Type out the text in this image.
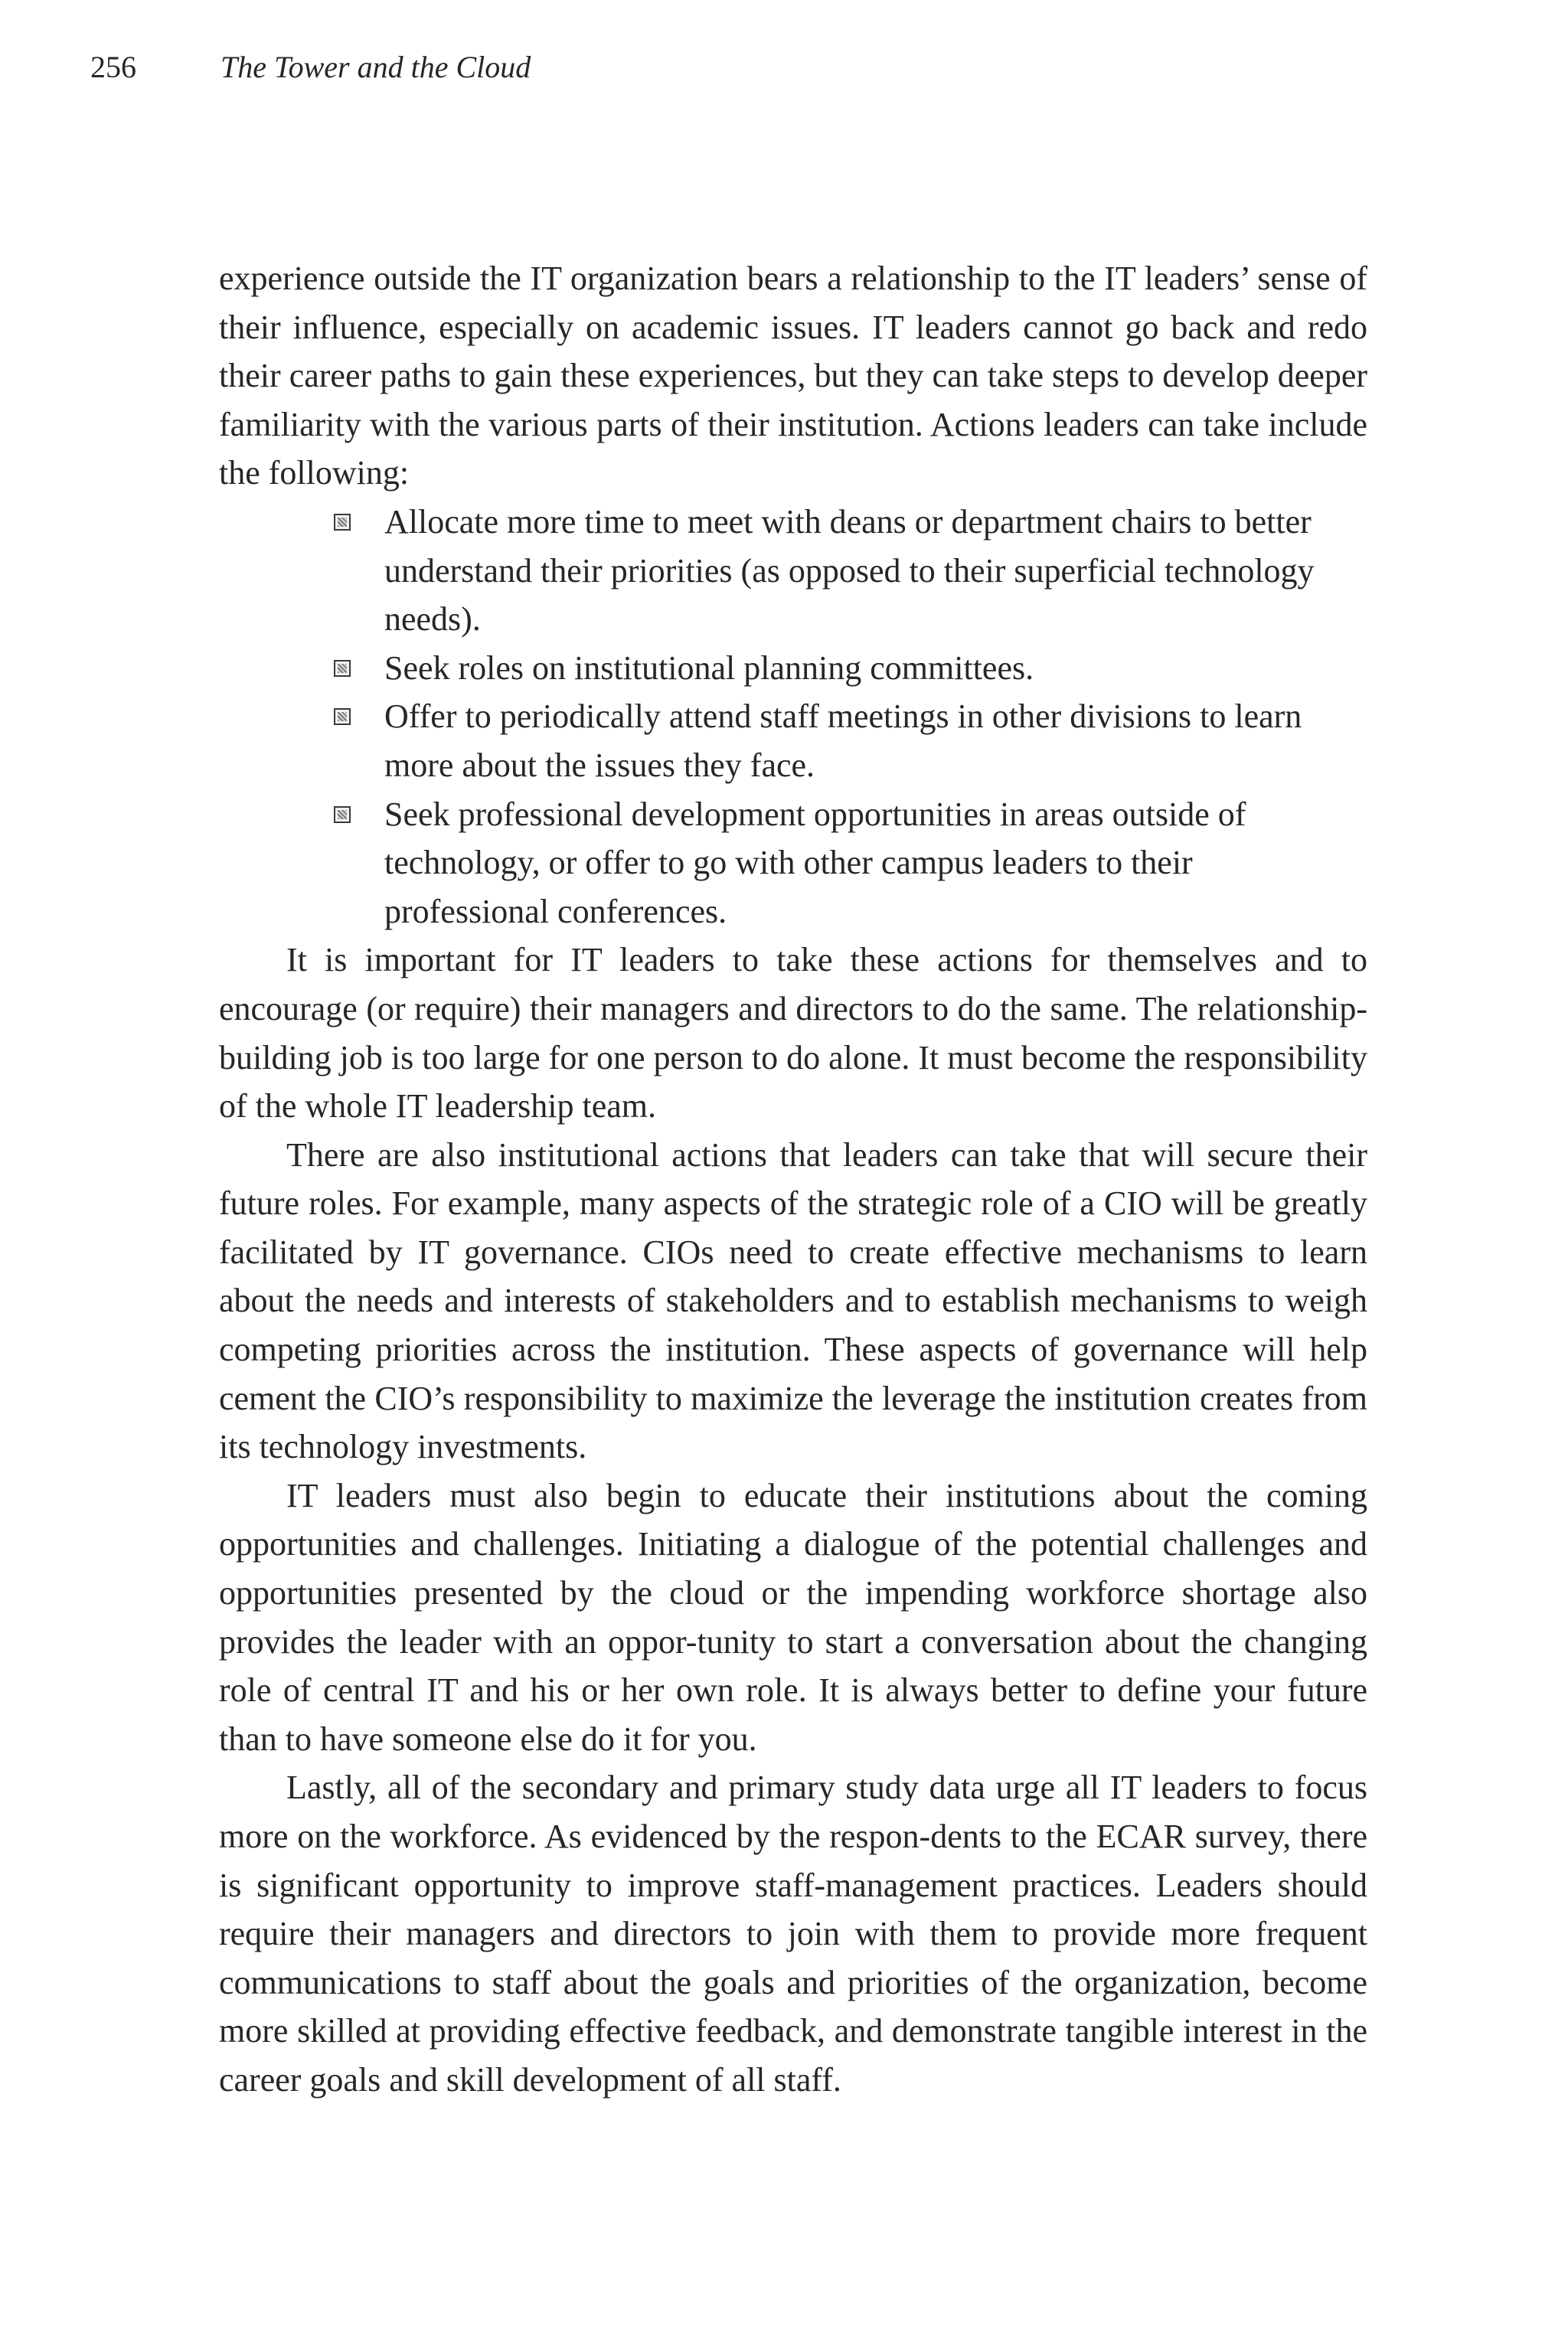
256	The Tower and the Cloud

experience outside the IT organization bears a relationship to the IT leaders’ sense of their influence, especially on academic issues. IT leaders cannot go back and redo their career paths to gain these experiences, but they can take steps to develop deeper familiarity with the various parts of their institution. Actions leaders can take include the following:

Allocate more time to meet with deans or department chairs to better understand their priorities (as opposed to their superficial technology needs).
Seek roles on institutional planning committees.
Offer to periodically attend staff meetings in other divisions to learn more about the issues they face.
Seek professional development opportunities in areas outside of technology, or offer to go with other campus leaders to their professional conferences.

It is important for IT leaders to take these actions for themselves and to encourage (or require) their managers and directors to do the same. The relationship-building job is too large for one person to do alone. It must become the responsibility of the whole IT leadership team.

There are also institutional actions that leaders can take that will secure their future roles. For example, many aspects of the strategic role of a CIO will be greatly facilitated by IT governance. CIOs need to create effective mechanisms to learn about the needs and interests of stakeholders and to establish mechanisms to weigh competing priorities across the institution. These aspects of governance will help cement the CIO’s responsibility to maximize the leverage the institution creates from its technology investments.

IT leaders must also begin to educate their institutions about the coming opportunities and challenges. Initiating a dialogue of the potential challenges and opportunities presented by the cloud or the impending workforce shortage also provides the leader with an oppor-tunity to start a conversation about the changing role of central IT and his or her own role. It is always better to define your future than to have someone else do it for you.

Lastly, all of the secondary and primary study data urge all IT leaders to focus more on the workforce. As evidenced by the respon-dents to the ECAR survey, there is significant opportunity to improve staff-management practices. Leaders should require their managers and directors to join with them to provide more frequent communications to staff about the goals and priorities of the organization, become more skilled at providing effective feedback, and demonstrate tangible interest in the career goals and skill development of all staff.
